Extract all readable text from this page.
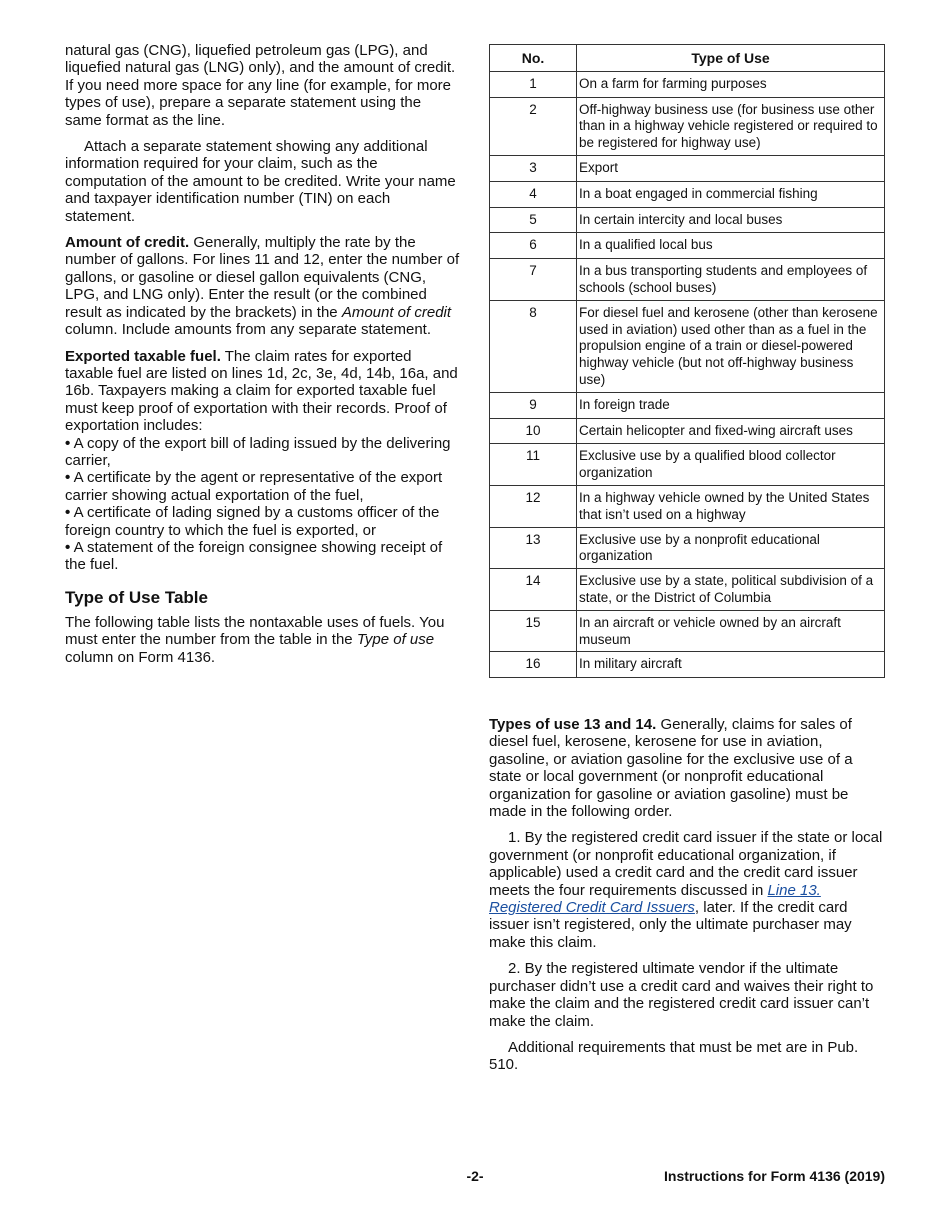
natural gas (CNG), liquefied petroleum gas (LPG), and liquefied natural gas (LNG) only), and the amount of credit. If you need more space for any line (for example, for more types of use), prepare a separate statement using the same format as the line.

Attach a separate statement showing any additional information required for your claim, such as the computation of the amount to be credited. Write your name and taxpayer identification number (TIN) on each statement.

Amount of credit. Generally, multiply the rate by the number of gallons. For lines 11 and 12, enter the number of gallons, or gasoline or diesel gallon equivalents (CNG, LPG, and LNG only). Enter the result (or the combined result as indicated by the brackets) in the Amount of credit column. Include amounts from any separate statement.

Exported taxable fuel. The claim rates for exported taxable fuel are listed on lines 1d, 2c, 3e, 4d, 14b, 16a, and 16b. Taxpayers making a claim for exported taxable fuel must keep proof of exportation with their records. Proof of exportation includes:

• A copy of the export bill of lading issued by the delivering carrier,

• A certificate by the agent or representative of the export carrier showing actual exportation of the fuel,

• A certificate of lading signed by a customs officer of the foreign country to which the fuel is exported, or

• A statement of the foreign consignee showing receipt of the fuel.

Type of Use Table

The following table lists the nontaxable uses of fuels. You must enter the number from the table in the Type of use column on Form 4136.

No.	Type of Use
1	On a farm for farming purposes
2	Off-highway business use (for business use other than in a highway vehicle registered or required to be registered for highway use)
3	Export
4	In a boat engaged in commercial fishing
5	In certain intercity and local buses
6	In a qualified local bus
7	In a bus transporting students and employees of schools (school buses)
8	For diesel fuel and kerosene (other than kerosene used in aviation) used other than as a fuel in the propulsion engine of a train or diesel-powered highway vehicle (but not off-highway business use)
9	In foreign trade
10	Certain helicopter and fixed-wing aircraft uses
11	Exclusive use by a qualified blood collector organization
12	In a highway vehicle owned by the United States that isn’t used on a highway
13	Exclusive use by a nonprofit educational organization
14	Exclusive use by a state, political subdivision of a state, or the District of Columbia
15	In an aircraft or vehicle owned by an aircraft museum
16	In military aircraft

Types of use 13 and 14. Generally, claims for sales of diesel fuel, kerosene, kerosene for use in aviation, gasoline, or aviation gasoline for the exclusive use of a state or local government (or nonprofit educational organization for gasoline or aviation gasoline) must be made in the following order.

1. By the registered credit card issuer if the state or local government (or nonprofit educational organization, if applicable) used a credit card and the credit card issuer meets the four requirements discussed in Line 13. Registered Credit Card Issuers, later. If the credit card issuer isn’t registered, only the ultimate purchaser may make this claim.

2. By the registered ultimate vendor if the ultimate purchaser didn’t use a credit card and waives their right to make the claim and the registered credit card issuer can’t make the claim.

Additional requirements that must be met are in Pub. 510.

-2-	Instructions for Form 4136 (2019)
